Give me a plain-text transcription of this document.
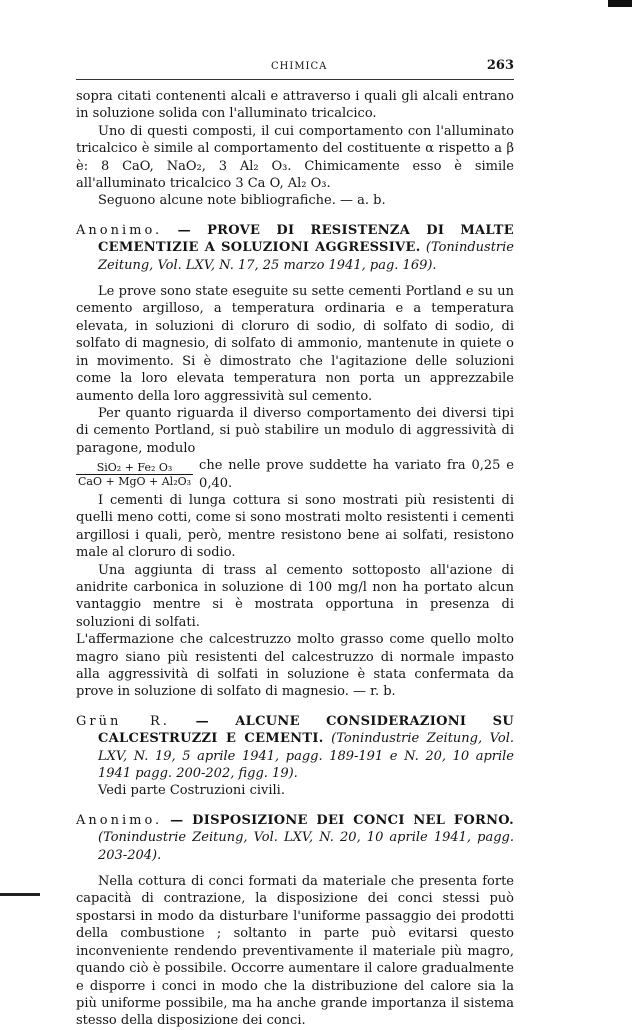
CHIMICA	263

sopra citati contenenti alcali e attraverso i quali gli alcali entrano in soluzione solida con l'alluminato tricalcico.

Uno di questi composti, il cui comportamento con l'alluminato tricalcico è simile al comportamento del costituente α rispetto a β è: 8 CaO, NaO₂, 3 Al₂ O₃. Chimicamente esso è simile all'alluminato tricalcico 3 Ca O, Al₂ O₃.

Seguono alcune note bibliografiche. — a. b.

Anonimo. — PROVE DI RESISTENZA DI MALTE CEMENTIZIE A SOLUZIONI AGGRESSIVE. (Tonindustrie Zeitung, Vol. LXV, N. 17, 25 marzo 1941, pag. 169).

Le prove sono state eseguite su sette cementi Portland e su un cemento argilloso, a temperatura ordinaria e a temperatura elevata, in soluzioni di cloruro di sodio, di solfato di sodio, di solfato di magnesio, di solfato di ammonio, mantenute in quiete o in movimento. Si è dimostrato che l'agitazione delle soluzioni come la loro elevata temperatura non porta un apprezzabile aumento della loro aggressività sul cemento.

Per quanto riguarda il diverso comportamento dei diversi tipi di cemento Portland, si può stabilire un modulo di aggressività di paragone, modulo

$\frac{\text{SiO₂ + Fe₂ O₃}}{\text{CaO + MgO + Al₂O₃}}$ che nelle prove suddette ha variato fra 0,25 e 0,40.

I cementi di lunga cottura si sono mostrati più resistenti di quelli meno cotti, come si sono mostrati molto resistenti i cementi argillosi i quali, però, mentre resistono bene ai solfati, resistono male al cloruro di sodio.

Una aggiunta di trass al cemento sottoposto all'azione di anidrite carbonica in soluzione di 100 mg/l non ha portato alcun vantaggio mentre si è mostrata opportuna in presenza di soluzioni di solfati.

L'affermazione che calcestruzzo molto grasso come quello molto magro siano più resistenti del calcestruzzo di normale impasto alla aggressività di solfati in soluzione è stata confermata da prove in soluzione di solfato di magnesio. — r. b.

Grün R. — ALCUNE CONSIDERAZIONI SU CALCESTRUZZI E CEMENTI. (Tonindustrie Zeitung, Vol. LXV, N. 19, 5 aprile 1941, pagg. 189-191 e N. 20, 10 aprile 1941 pagg. 200-202, figg. 19).
Vedi parte Costruzioni civili.
Anonimo. — DISPOSIZIONE DEI CONCI NEL FORNO. (Tonindustrie Zeitung, Vol. LXV, N. 20, 10 aprile 1941, pagg. 203-204).

Nella cottura di conci formati da materiale che presenta forte capacità di contrazione, la disposizione dei conci stessi può spostarsi in modo da disturbare l'uniforme passaggio dei prodotti della combustione ; soltanto in parte può evitarsi questo inconveniente rendendo preventivamente il materiale più magro, quando ciò è possibile. Occorre aumentare il calore gradualmente e disporre i conci in modo che la distribuzione del calore sia la più uniforme possibile, ma ha anche grande importanza il sistema stesso della disposizione dei conci.
